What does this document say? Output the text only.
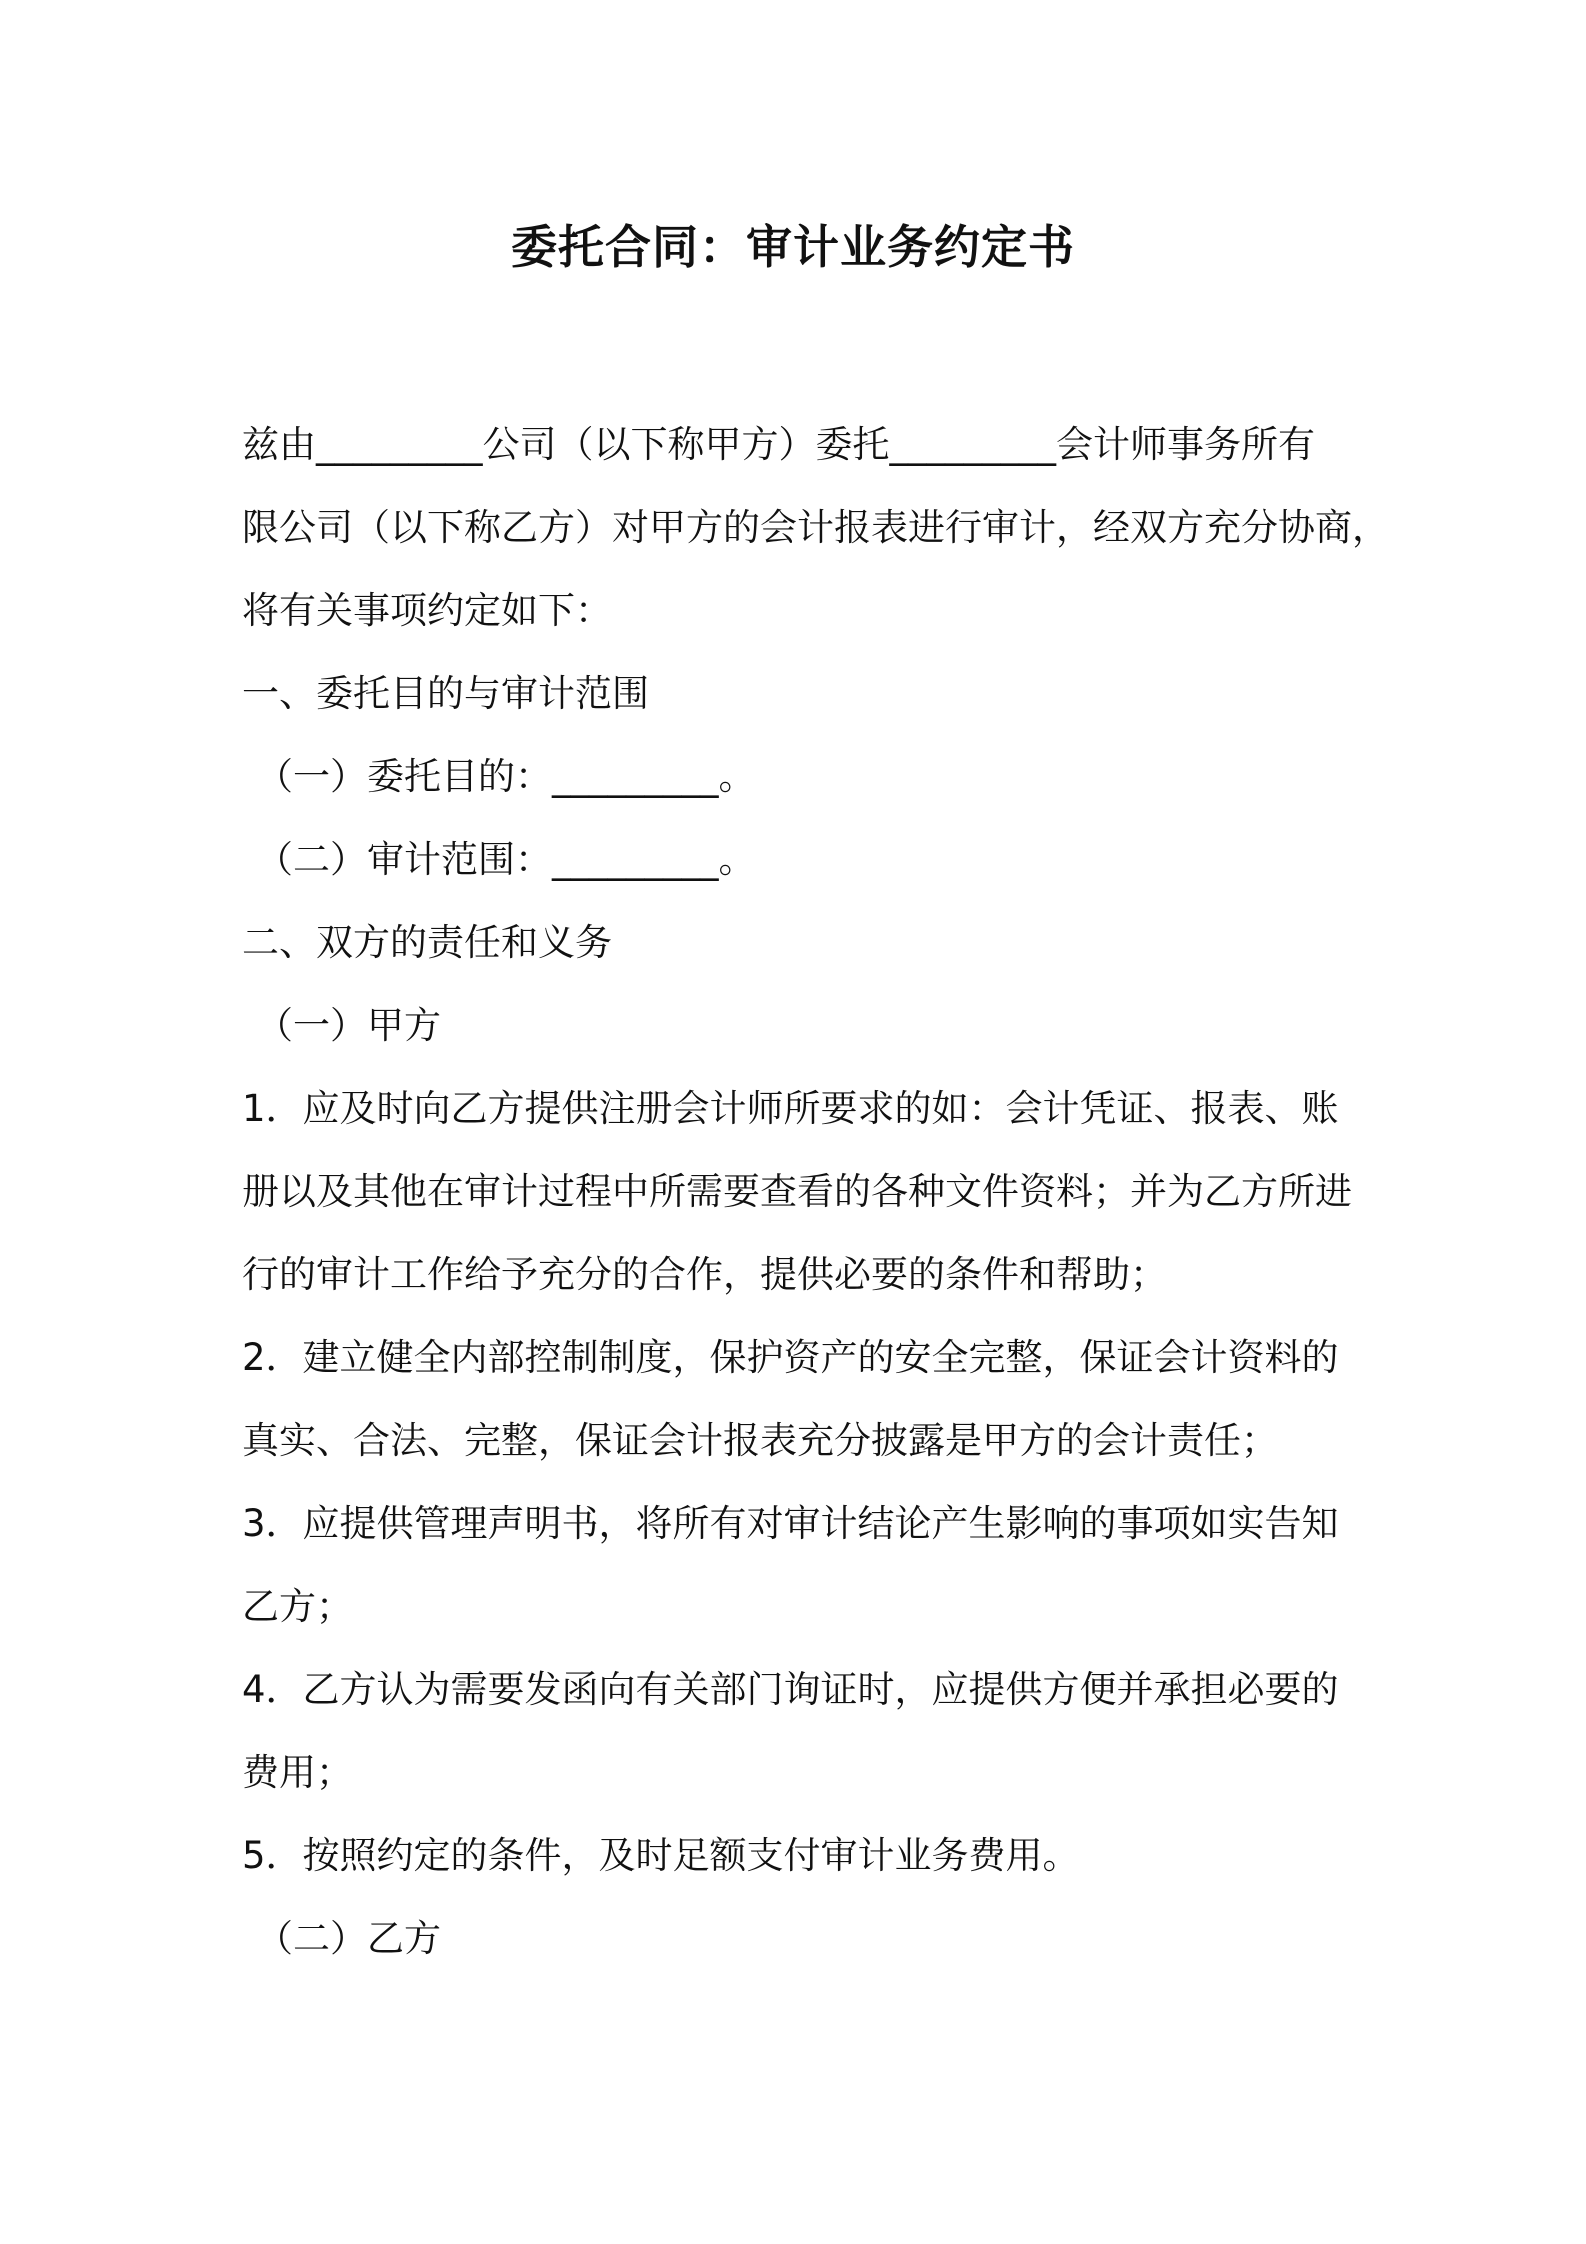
委托合同：审计业务约定书
兹由_________公司（以下称甲方）委托_________会计师事务所有
限公司（以下称乙方）对甲方的会计报表进行审计，经双方充分协商，
将有关事项约定如下：
一、委托目的与审计范围
（一）委托目的：_________。
（二）审计范围：_________。
二、双方的责任和义务
（一）甲方
1．应及时向乙方提供注册会计师所要求的如：会计凭证、报表、账
册以及其他在审计过程中所需要查看的各种文件资料；并为乙方所进
行的审计工作给予充分的合作，提供必要的条件和帮助；
2．建立健全内部控制制度，保护资产的安全完整，保证会计资料的
真实、合法、完整，保证会计报表充分披露是甲方的会计责任；
3．应提供管理声明书，将所有对审计结论产生影响的事项如实告知
乙方；
4．乙方认为需要发函向有关部门询证时，应提供方便并承担必要的
费用；
5．按照约定的条件，及时足额支付审计业务费用。
（二）乙方
